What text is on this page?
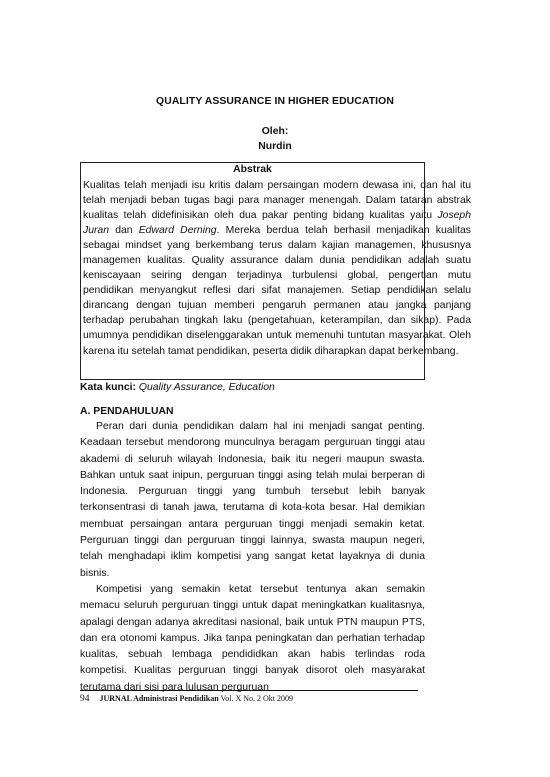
QUALITY ASSURANCE IN HIGHER EDUCATION
Oleh:
Nurdin
Abstrak

Kualitas telah menjadi isu kritis dalam persaingan modern dewasa ini, dan hal itu telah menjadi beban tugas bagi para manager menengah. Dalam tataran abstrak kualitas telah didefinisikan oleh dua pakar penting bidang kualitas yaitu Joseph Juran dan Edward Derning. Mereka berdua telah berhasil menjadikan kualitas sebagai mindset yang berkembang terus dalam kajian managemen, khususnya managemen kualitas. Quality assurance dalam dunia pendidikan adalah suatu keniscayaan seiring dengan terjadinya turbulensi global, pengertian mutu pendidikan menyangkut reflesi dari sifat manajemen. Setiap pendidikan selalu dirancang dengan tujuan memberi pengaruh permanen atau jangka panjang terhadap perubahan tingkah laku (pengetahuan, keterampilan, dan sikap). Pada umumnya pendidikan diselenggarakan untuk memenuhi tuntutan masyarakat. Oleh karena itu setelah tamat pendidikan, peserta didik diharapkan dapat berkembang.

Kata kunci: Quality Assurance, Education
A. PENDAHULUAN

Peran dari dunia pendidikan dalam hal ini menjadi sangat penting. Keadaan tersebut mendorong munculnya beragam perguruan tinggi atau akademi di seluruh wilayah Indonesia, baik itu negeri maupun swasta. Bahkan untuk saat inipun, perguruan tinggi asing telah mulai berperan di Indonesia. Perguruan tinggi yang tumbuh tersebut lebih banyak terkonsentrasi di tanah jawa, terutama di kota-kota besar. Hal demikian membuat persaingan antara perguruan tinggi menjadi semakin ketat. Perguruan tinggi dan perguruan tinggi lainnya, swasta maupun negeri, telah menghadapi iklim kompetisi yang sangat ketat layaknya di dunia bisnis.

Kompetisi yang semakin ketat tersebut tentunya akan semakin memacu seluruh perguruan tinggi untuk dapat meningkatkan kualitasnya, apalagi dengan adanya akreditasi nasional, baik untuk PTN maupun PTS, dan era otonomi kampus. Jika tanpa peningkatan dan perhatian terhadap kualitas, sebuah lembaga pendididkan akan habis terlindas roda kompetisi. Kualitas perguruan tinggi banyak disorot oleh masyarakat terutama dari sisi para lulusan perguruan

94 JURNAL Administrasi Pendidikan Vol. X No. 2 Okt 2009
